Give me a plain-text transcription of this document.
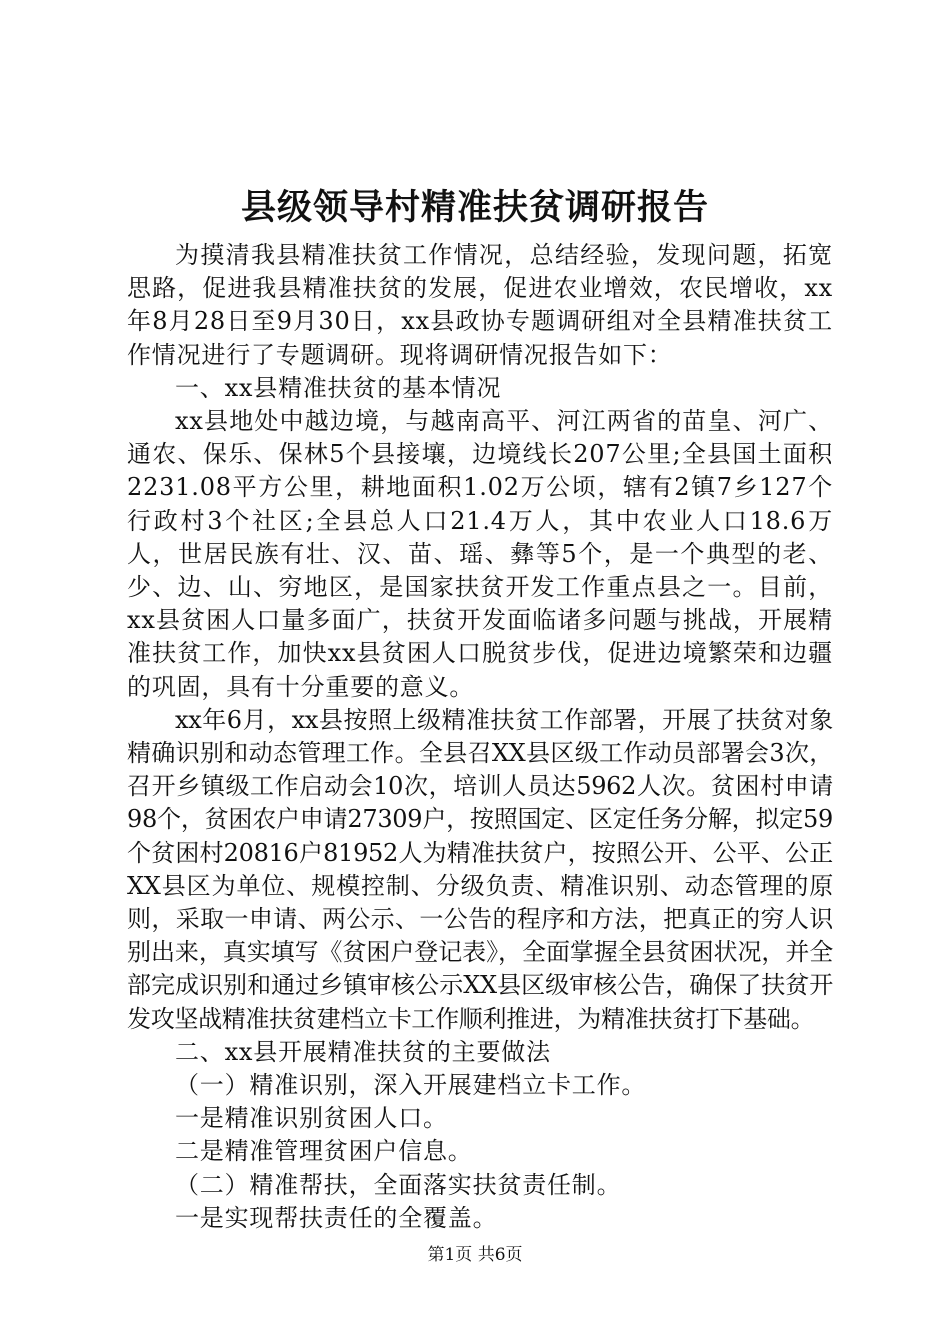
县级领导村精准扶贫调研报告

为摸清我县精准扶贫工作情况，总结经验，发现问题，拓宽思路，促进我县精准扶贫的发展，促进农业增效，农民增收，xx年8月28日至9月30日，xx县政协专题调研组对全县精准扶贫工作情况进行了专题调研。现将调研情况报告如下：

一、xx县精准扶贫的基本情况

xx县地处中越边境，与越南高平、河江两省的苗皇、河广、通农、保乐、保林5个县接壤，边境线长207公里;全县国土面积2231.08平方公里，耕地面积1.02万公顷，辖有2镇7乡127个行政村3个社区;全县总人口21.4万人，其中农业人口18.6万人，世居民族有壮、汉、苗、瑶、彝等5个，是一个典型的老、少、边、山、穷地区，是国家扶贫开发工作重点县之一。目前，xx县贫困人口量多面广，扶贫开发面临诸多问题与挑战，开展精准扶贫工作，加快xx县贫困人口脱贫步伐，促进边境繁荣和边疆的巩固，具有十分重要的意义。

xx年6月，xx县按照上级精准扶贫工作部署，开展了扶贫对象精确识别和动态管理工作。全县召XX县区级工作动员部署会3次，召开乡镇级工作启动会10次，培训人员达5962人次。贫困村申请98个，贫困农户申请27309户，按照国定、区定任务分解，拟定59个贫困村20816户81952人为精准扶贫户，按照公开、公平、公正XX县区为单位、规模控制、分级负责、精准识别、动态管理的原则，采取一申请、两公示、一公告的程序和方法，把真正的穷人识别出来，真实填写《贫困户登记表》，全面掌握全县贫困状况，并全部完成识别和通过乡镇审核公示XX县区级审核公告，确保了扶贫开发攻坚战精准扶贫建档立卡工作顺利推进，为精准扶贫打下基础。

二、xx县开展精准扶贫的主要做法

（一）精准识别，深入开展建档立卡工作。

一是精准识别贫困人口。

二是精准管理贫困户信息。

（二）精准帮扶，全面落实扶贫责任制。

一是实现帮扶责任的全覆盖。

第1页 共6页
